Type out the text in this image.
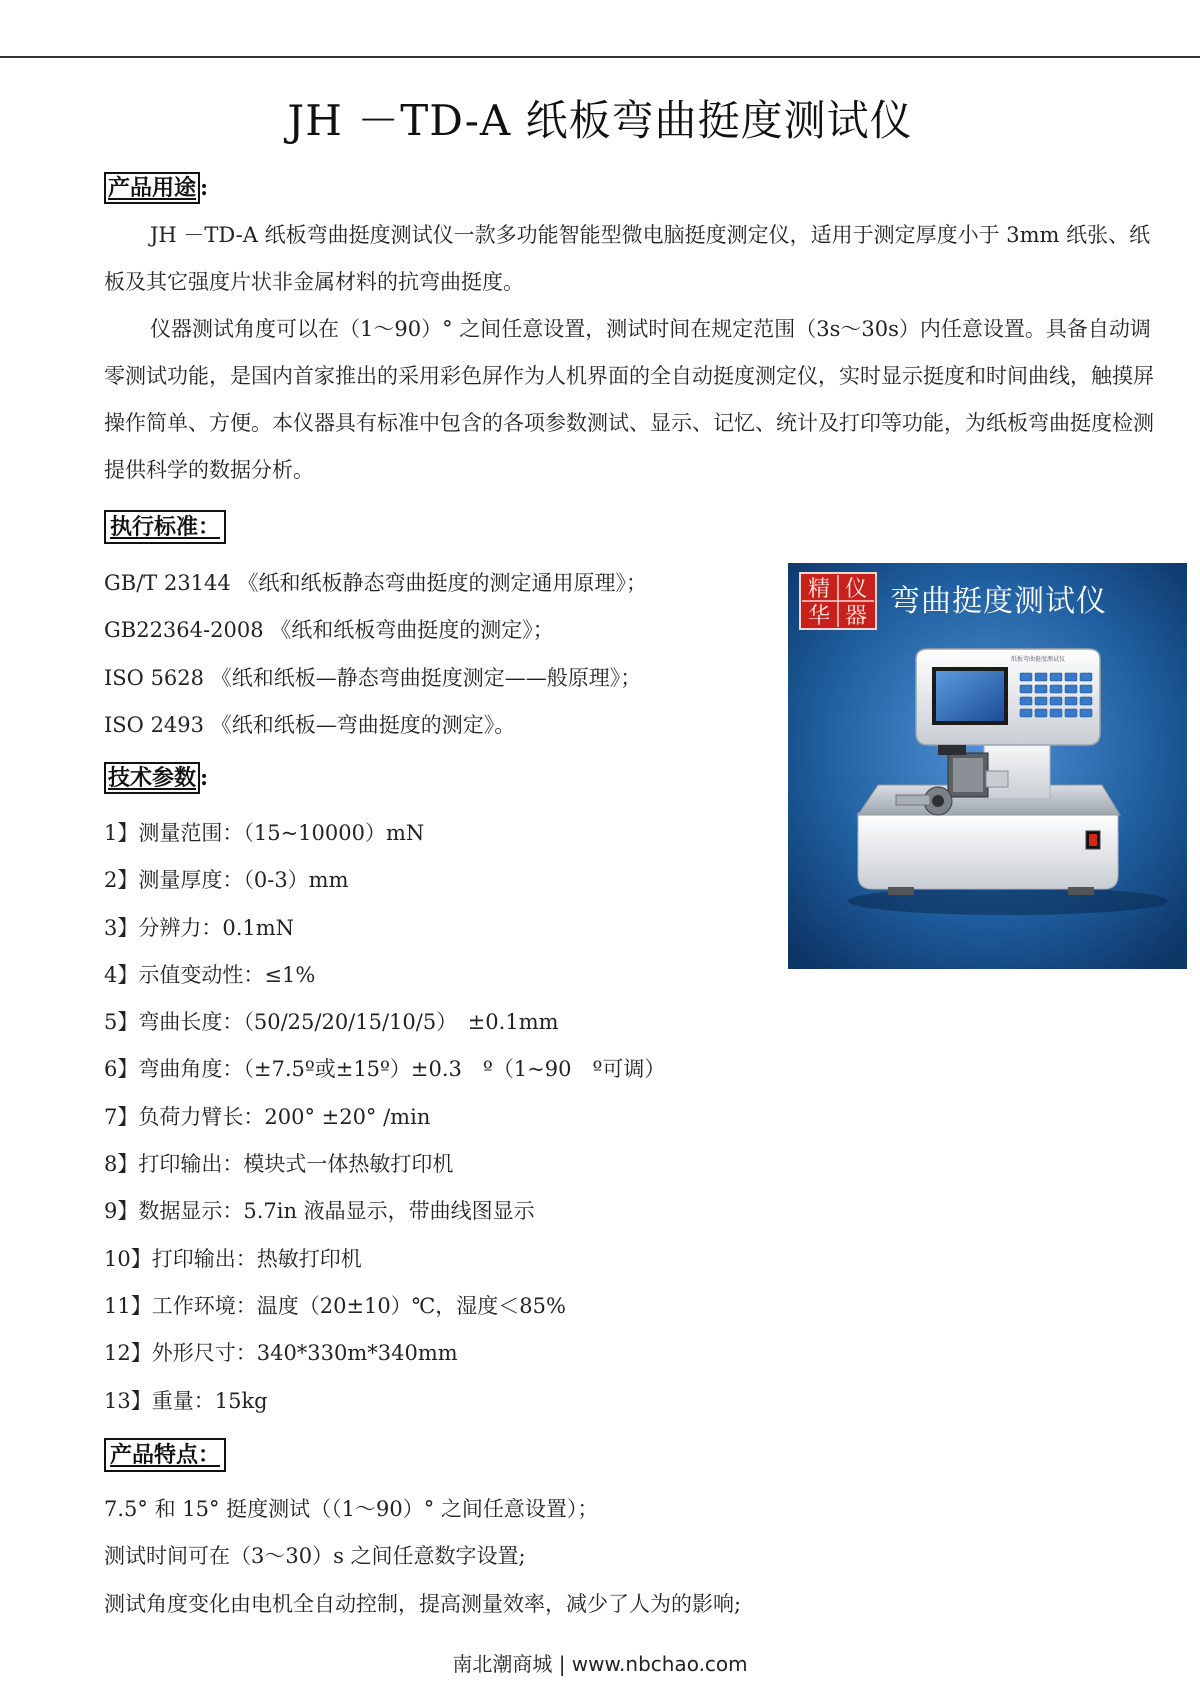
JH －TD-A 纸板弯曲挺度测试仪
产品用途 :
JH －TD-A 纸板弯曲挺度测试仪一款多功能智能型微电脑挺度测定仪，适用于测定厚度小于 3mm 纸张、纸板及其它强度片状非金属材料的抗弯曲挺度。
仪器测试角度可以在（1～90）° 之间任意设置，测试时间在规定范围（3s～30s）内任意设置。具备自动调零测试功能，是国内首家推出的采用彩色屏作为人机界面的全自动挺度测定仪，实时显示挺度和时间曲线，触摸屏操作简单、方便。本仪器具有标准中包含的各项参数测试、显示、记忆、统计及打印等功能，为纸板弯曲挺度检测提供科学的数据分析。
执行标准：
GB/T 23144 《纸和纸板静态弯曲挺度的测定通用原理》；
GB22364-2008 《纸和纸板弯曲挺度的测定》；
ISO 5628 《纸和纸板—静态弯曲挺度测定——般原理》；
ISO 2493 《纸和纸板—弯曲挺度的测定》。
精 仪
华 器 弯曲挺度测试仪
纸板弯曲挺度测试仪
技术参数 :
1】测量范围：（15~10000）mN
2】测量厚度：（0-3）mm
3】分辨力：0.1mN
4】示值变动性：≤1%
5】弯曲长度：（50/25/20/15/10/5）　±0.1mm
6】弯曲角度：（±7.5º或±15º）±0.3　º（1~90　º可调）
7】负荷力臂长：200° ±20° /min
8】打印输出：模块式一体热敏打印机
9】数据显示：5.7in 液晶显示，带曲线图显示
10】打印输出：热敏打印机
11】工作环境：温度（20±10）℃，湿度＜85%
12】外形尺寸：340*330m*340mm
13】重量：15kg
产品特点：
7.5° 和 15° 挺度测试（（1～90）° 之间任意设置）；
测试时间可在（3～30）s 之间任意数字设置;
测试角度变化由电机全自动控制，提高测量效率，减少了人为的影响;
南北潮商城 | www.nbchao.com
